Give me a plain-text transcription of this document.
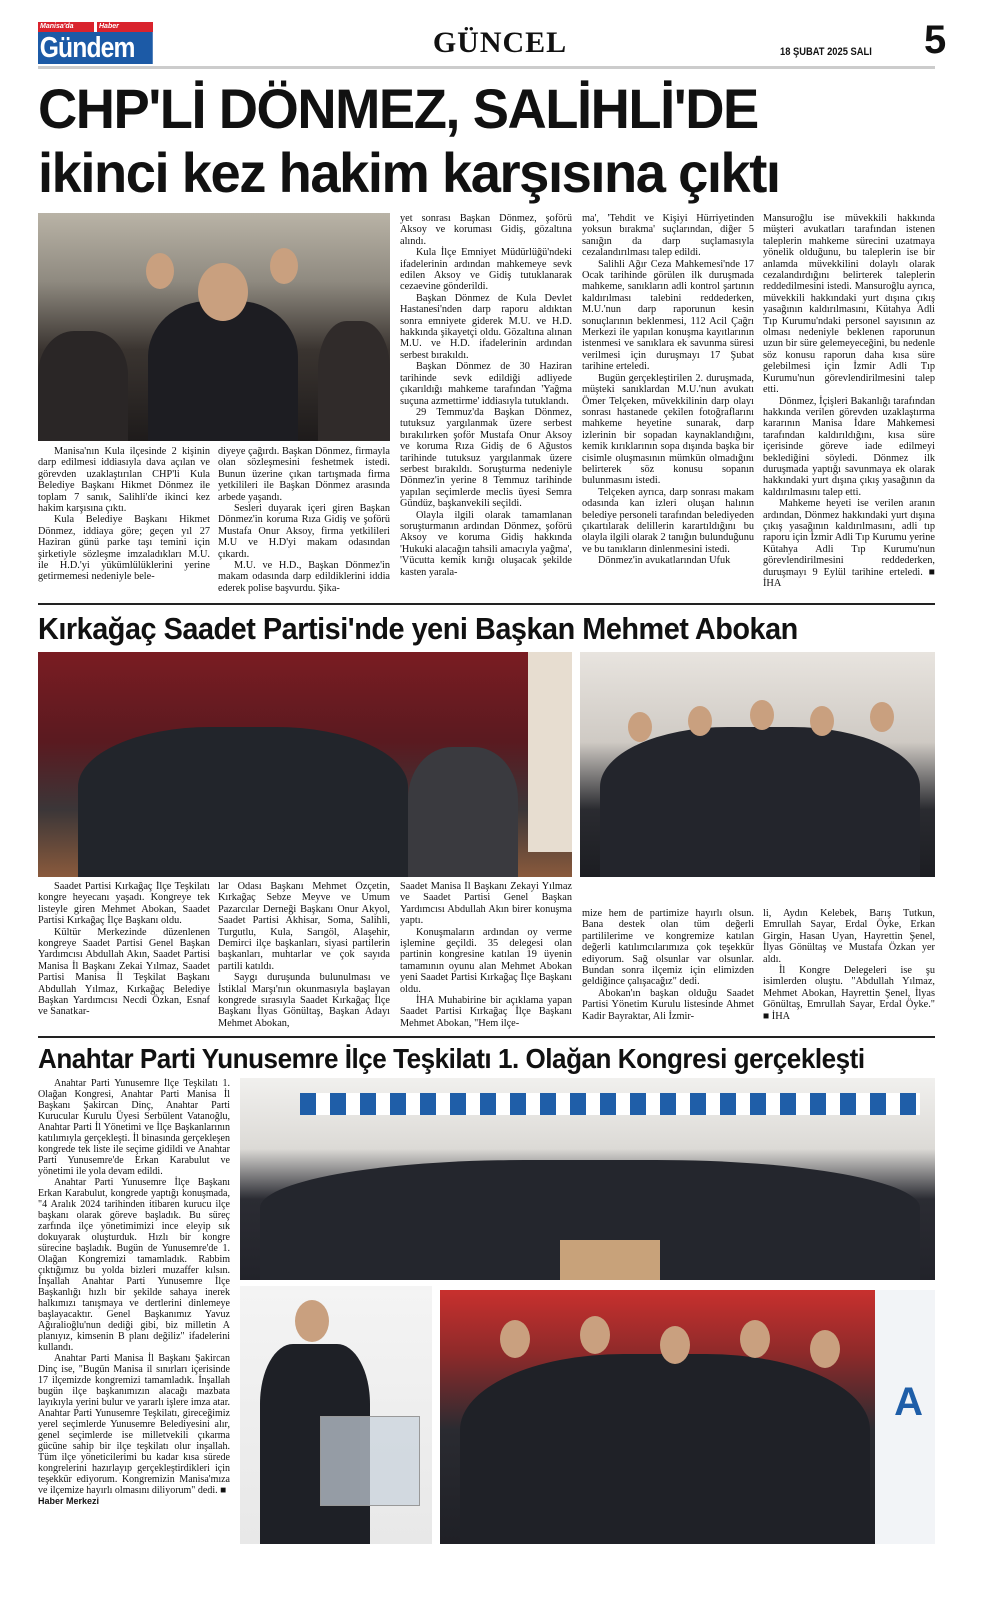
Manisa'da	Haber
Gündem	GÜNCEL	18 ŞUBAT 2025 SALI 5
CHP'Lİ DÖNMEZ, SALİHLİ'DE
ikinci kez hakim karşısına çıktı

Manisa'nın Kula ilçesinde 2 kişinin darp edilmesi iddiasıyla dava açılan ve görevden uzaklaştırılan CHP'li Kula Belediye Başkanı Hikmet Dönmez ile toplam 7 sanık, Salihli'de ikinci kez hakim karşısına çıktı.

Kula Belediye Başkanı Hikmet Dönmez, iddiaya göre; geçen yıl 27 Haziran günü parke taşı temini için şirketiyle sözleşme imzaladıkları M.U. ile H.D.'yi yükümlülüklerini yerine getirmemesi nedeniyle bele-

diyeye çağırdı. Başkan Dönmez, firmayla olan sözleşmesini feshetmek istedi. Bunun üzerine çıkan tartışmada firma yetkilileri ile Başkan Dönmez arasında arbede yaşandı.

Sesleri duyarak içeri giren Başkan Dönmez'in koruma Rıza Gidiş ve şoförü Mustafa Onur Aksoy, firma yetkilileri M.U ve H.D'yi makam odasından çıkardı.

M.U. ve H.D., Başkan Dönmez'in makam odasında darp edildiklerini iddia ederek polise başvurdu. Şika-

yet sonrası Başkan Dönmez, şoförü Aksoy ve koruması Gidiş, gözaltına alındı.

Kula İlçe Emniyet Müdürlüğü'ndeki ifadelerinin ardından mahkemeye sevk edilen Aksoy ve Gidiş tutuklanarak cezaevine gönderildi.

Başkan Dönmez de Kula Devlet Hastanesi'nden darp raporu aldıktan sonra emniyete giderek M.U. ve H.D. hakkında şikayetçi oldu. Gözaltına alınan M.U. ve H.D. ifadelerinin ardından serbest bırakıldı.

Başkan Dönmez de 30 Haziran tarihinde sevk edildiği adliyede çıkarıldığı mahkeme tarafından 'Yağma suçuna azmettirme' iddiasıyla tutuklandı.

29 Temmuz'da Başkan Dönmez, tutuksuz yargılanmak üzere serbest bırakılırken şoför Mustafa Onur Aksoy ve koruma Rıza Gidiş de 6 Ağustos tarihinde tutuksuz yargılanmak üzere serbest bırakıldı. Soruşturma nedeniyle Dönmez'in yerine 8 Temmuz tarihinde yapılan seçimlerde meclis üyesi Semra Gündüz, başkanvekili seçildi.

Olayla ilgili olarak tamamlanan soruşturmanın ardından Dönmez, şoförü Aksoy ve koruma Gidiş hakkında 'Hukuki alacağın tahsili amacıyla yağma', 'Vücutta kemik kırığı oluşacak şekilde kasten yarala-

ma', 'Tehdit ve Kişiyi Hürriyetinden yoksun bırakma' suçlarından, diğer 5 sanığın da darp suçlamasıyla cezalandırılması talep edildi.

Salihli Ağır Ceza Mahkemesi'nde 17 Ocak tarihinde görülen ilk duruşmada mahkeme, sanıkların adli kontrol şartının kaldırılması talebini reddederken, M.U.'nun darp raporunun kesin sonuçlarının beklenmesi, 112 Acil Çağrı Merkezi ile yapılan konuşma kayıtlarının istenmesi ve sanıklara ek savunma süresi verilmesi için duruşmayı 17 Şubat tarihine erteledi.

Bugün gerçekleştirilen 2. duruşmada, müşteki sanıklardan M.U.'nun avukatı Ömer Telçeken, müvekkilinin darp olayı sonrası hastanede çekilen fotoğraflarını mahkeme heyetine sunarak, darp izlerinin bir sopadan kaynaklandığını, kemik kırıklarının sopa dışında başka bir cisimle oluşmasının mümkün olmadığını belirterek söz konusu sopanın bulunmasını istedi.

Telçeken ayrıca, darp sonrası makam odasında kan izleri oluşan halının belediye personeli tarafından belediyeden çıkartılarak delillerin karartıldığını bu olayla ilgili olarak 2 tanığın bulunduğunu ve bu tanıkların dinlenmesini istedi.

Dönmez'in avukatlarından Ufuk

Mansuroğlu ise müvekkili hakkında müşteri avukatları tarafından istenen taleplerin mahkeme sürecini uzatmaya yönelik olduğunu, bu taleplerin ise bir anlamda müvekkilini dolaylı olarak cezalandırdığını belirterek taleplerin reddedilmesini istedi. Mansuroğlu ayrıca, müvekkili hakkındaki yurt dışına çıkış yasağının kaldırılmasını, Kütahya Adli Tıp Kurumu'ndaki personel sayısının az olması nedeniyle beklenen raporunun uzun bir süre gelemeyeceğini, bu nedenle söz konusu raporun daha kısa süre gelebilmesi için İzmir Adli Tıp Kurumu'nun görevlendirilmesini talep etti.

Dönmez, İçişleri Bakanlığı tarafından hakkında verilen görevden uzaklaştırma kararının Manisa İdare Mahkemesi tarafından kaldırıldığını, kısa süre içerisinde göreve iade edilmeyi beklediğini söyledi. Dönmez ilk duruşmada yaptığı savunmaya ek olarak hakkındaki yurt dışına çıkış yasağının da kaldırılmasını talep etti.

Mahkeme heyeti ise verilen aranın ardından, Dönmez hakkındaki yurt dışına çıkış yasağının kaldırılmasını, adli tıp raporu için İzmir Adli Tıp Kurumu yerine Kütahya Adli Tıp Kurumu'nun görevlendirilmesini reddederken, duruşmayı 9 Eylül tarihine erteledi. ■ İHA

Kırkağaç Saadet Partisi'nde yeni Başkan Mehmet Abokan

Saadet Partisi Kırkağaç İlçe Teşkilatı kongre heyecanı yaşadı. Kongreye tek listeyle giren Mehmet Abokan, Saadet Partisi Kırkağaç İlçe Başkanı oldu.

Kültür Merkezinde düzenlenen kongreye Saadet Partisi Genel Başkan Yardımcısı Abdullah Akın, Saadet Partisi Manisa İl Başkanı Zekai Yılmaz, Saadet Partisi Manisa İl Teşkilat Başkanı Abdullah Yılmaz, Kırkağaç Belediye Başkan Yardımcısı Necdi Özkan, Esnaf ve Sanatkar-

lar Odası Başkanı Mehmet Özçetin, Kırkağaç Sebze Meyve ve Umum Pazarcılar Derneği Başkanı Onur Akyol, Saadet Partisi Akhisar, Soma, Salihli, Turgutlu, Kula, Sarıgöl, Alaşehir, Demirci ilçe başkanları, siyasi partilerin başkanları, muhtarlar ve çok sayıda partili katıldı.

Saygı duruşunda bulunulması ve İstiklal Marşı'nın okunmasıyla başlayan kongrede sırasıyla Saadet Kırkağaç İlçe Başkanı İlyas Gönültaş, Başkan Adayı Mehmet Abokan,

Saadet Manisa İl Başkanı Zekayi Yılmaz ve Saadet Partisi Genel Başkan Yardımcısı Abdullah Akın birer konuşma yaptı.

Konuşmaların ardından oy verme işlemine geçildi. 35 delegesi olan partinin kongresine katılan 19 üyenin tamamının oyunu alan Mehmet Abokan yeni Saadet Partisi Kırkağaç İlçe Başkanı oldu.

İHA Muhabirine bir açıklama yapan Saadet Partisi Kırkağaç İlçe Başkanı Mehmet Abokan, "Hem ilçe-

mize hem de partimize hayırlı olsun. Bana destek olan tüm değerli partililerime ve kongremize katılan değerli katılımcılarımıza çok teşekkür ediyorum. Sağ olsunlar var olsunlar. Bundan sonra ilçemiz için elimizden geldiğince çalışacağız" dedi.

Abokan'ın başkan olduğu Saadet Partisi Yönetim Kurulu listesinde Ahmet Kadir Bayraktar, Ali İzmir-

li, Aydın Kelebek, Barış Tutkun, Emrullah Sayar, Erdal Öyke, Erkan Girgin, Hasan Uyan, Hayrettin Şenel, İlyas Gönültaş ve Mustafa Özkan yer aldı.

İl Kongre Delegeleri ise şu isimlerden oluştu. "Abdullah Yılmaz, Mehmet Abokan, Hayrettin Şenel, İlyas Gönültaş, Emrullah Sayar, Erdal Öyke." ■ İHA

Anahtar Parti Yunusemre İlçe Teşkilatı 1. Olağan Kongresi gerçekleşti

Anahtar Parti Yunusemre İlçe Teşkilatı 1. Olağan Kongresi, Anahtar Parti Manisa İl Başkanı Şakircan Dinç, Anahtar Parti Kurucular Kurulu Üyesi Serbülent Vatanoğlu, Anahtar Parti İl Yönetimi ve İlçe Başkanlarının katılımıyla gerçekleşti. İl binasında gerçekleşen kongrede tek liste ile seçime gidildi ve Anahtar Parti Yunusemre'de Erkan Karabulut ve yönetimi ile yola devam edildi.

Anahtar Parti Yunusemre İlçe Başkanı Erkan Karabulut, kongrede yaptığı konuşmada, "4 Aralık 2024 tarihinden itibaren kurucu ilçe başkanı olarak göreve başladık. Bu süreç zarfında ilçe yönetimimizi ince eleyip sık dokuyarak oluşturduk. Hızlı bir kongre sürecine başladık. Bugün de Yunusemre'de 1. Olağan Kongremizi tamamladık. Rabbim çıktığımız bu yolda bizleri muzaffer kılsın. İnşallah Anahtar Parti Yunusemre İlçe Başkanlığı hızlı bir şekilde sahaya inerek halkımızı tanışmaya ve dertlerini dinlemeye başlayacaktır. Genel Başkanımız Yavuz Ağıralioğlu'nun dediği gibi, biz milletin A planıyız, kimsenin B planı değiliz" ifadelerini kullandı.

Anahtar Parti Manisa İl Başkanı Şakircan Dinç ise, "Bugün Manisa il sınırları içerisinde 17 ilçemizde kongremizi tamamladık. İnşallah bugün ilçe başkanımızın alacağı mazbata layıkıyla yerini bulur ve yararlı işlere imza atar. Anahtar Parti Yunusemre Teşkilatı, gireceğimiz yerel seçimlerde Yunusemre Belediyesini alır, genel seçimlerde ise milletvekili çıkarma gücüne sahip bir ilçe teşkilatı olur inşallah. Tüm ilçe yöneticilerimi bu kadar kısa sürede kongrelerini hazırlayıp gerçekleştirdikleri için teşekkür ediyorum. Kongremizin Manisa'mıza ve ilçemize hayırlı olmasını diliyorum" dedi. ■

Haber Merkezi
A
